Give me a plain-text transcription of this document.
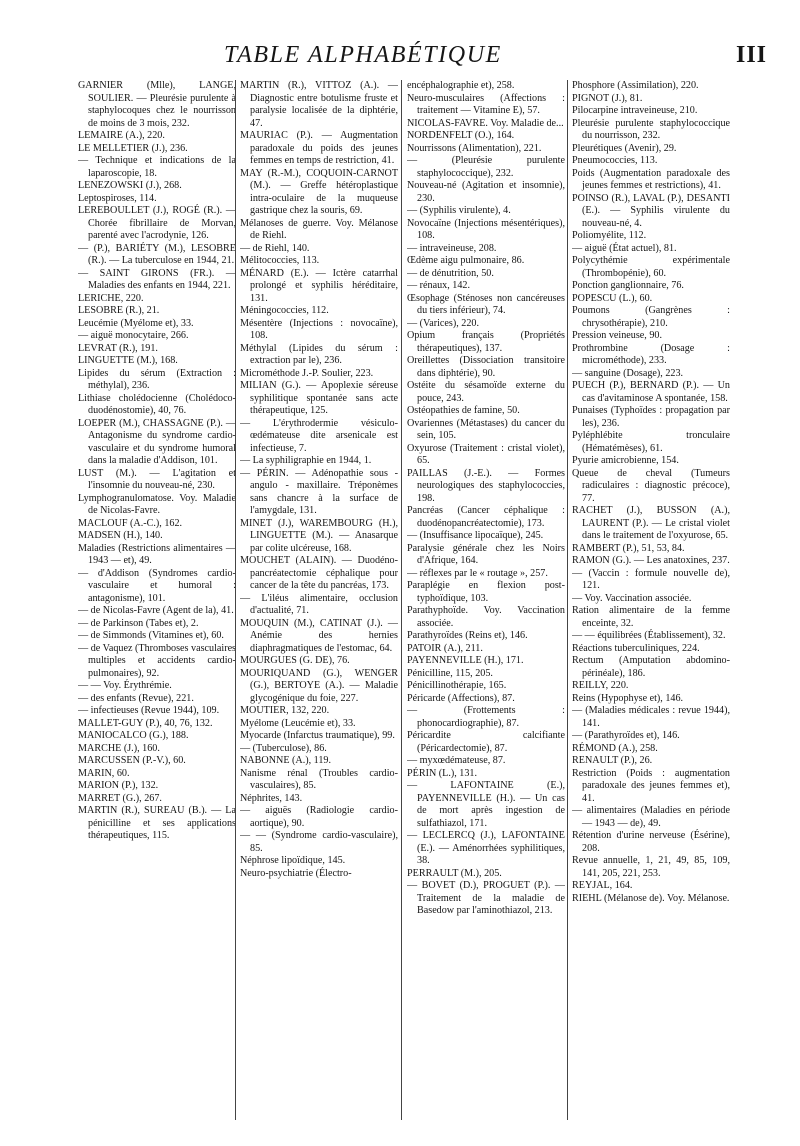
TABLE ALPHABÉTIQUE	III

GARNIER (Mlle), LANGE, SOULIER. — Pleurésie purulente à staphylocoques chez le nourrisson de moins de 3 mois, 232.

LEMAIRE (A.), 220.

LE MELLETIER (J.), 236.

— Technique et indications de la laparoscopie, 18.

LENEZOWSKI (J.), 268.

Leptospiroses, 114.

LEREBOULLET (J.), ROGÉ (R.). — Chorée fibrillaire de Morvan, parenté avec l'acrodynie, 126.

— (P.), BARIÉTY (M.), LESOBRE (R.). — La tuberculose en 1944, 21.

— SAINT GIRONS (FR.). — Maladies des enfants en 1944, 221.

LERICHE, 220.

LESOBRE (R.), 21.

Leucémie (Myélome et), 33.

— aiguë monocytaire, 266.

LEVRAT (R.), 191.

LINGUETTE (M.), 168.

Lipides du sérum (Extraction : méthylal), 236.

Lithiase cholédocienne (Cholédoco-duodénostomie), 40, 76.

LOEPER (M.), CHASSAGNE (P.). — Antagonisme du syndrome cardio-vasculaire et du syndrome humoral dans la maladie d'Addison, 101.

LUST (M.). — L'agitation et l'insomnie du nouveau-né, 230.

Lymphogranulomatose. Voy. Maladie de Nicolas-Favre.

MACLOUF (A.-C.), 162.

MADSEN (H.), 140.

Maladies (Restrictions alimentaires — 1943 — et), 49.

— d'Addison (Syndromes cardio-vasculaire et humoral : antagonisme), 101.

— de Nicolas-Favre (Agent de la), 41.

— de Parkinson (Tabes et), 2.

— de Simmonds (Vitamines et), 60.

— de Vaquez (Thromboses vasculaires multiples et accidents cardio-pulmonaires), 92.

— — Voy. Érythrémie.

— des enfants (Revue), 221.

— infectieuses (Revue 1944), 109.

MALLET-GUY (P.), 40, 76, 132.

MANIOCALCO (G.), 188.

MARCHE (J.), 160.

MARCUSSEN (P.-V.), 60.

MARIN, 60.

MARION (P.), 132.

MARRET (G.), 267.

MARTIN (R.), SUREAU (B.). — La pénicilline et ses applications thérapeutiques, 115.

MARTIN (R.), VITTOZ (A.). — Diagnostic entre botulisme fruste et paralysie localisée de la diphtérie, 47.

MAURIAC (P.). — Augmentation paradoxale du poids des jeunes femmes en temps de restriction, 41.

MAY (R.-M.), COQUOIN-CARNOT (M.). — Greffe hétéroplastique intra-oculaire de la muqueuse gastrique chez la souris, 69.

Mélanoses de guerre. Voy. Mélanose de Riehl.

— de Riehl, 140.

Mélitococcies, 113.

MÉNARD (E.). — Ictère catarrhal prolongé et syphilis héréditaire, 131.

Méningococcies, 112.

Mésentère (Injections : novocaïne), 108.

Méthylal (Lipides du sérum : extraction par le), 236.

Microméthode J.-P. Soulier, 223.

MILIAN (G.). — Apoplexie séreuse syphilitique spontanée sans acte thérapeutique, 125.

— L'érythrodermie vésiculo-œdémateuse dite arsenicale est infectieuse, 7.

— La syphiligraphie en 1944, 1.

— PÉRIN. — Adénopathie sous - angulo - maxillaire. Tréponèmes sans chancre à la surface de l'amygdale, 131.

MINET (J.), WAREMBOURG (H.), LINGUETTE (M.). — Anasarque par colite ulcéreuse, 168.

MOUCHET (ALAIN). — Duodéno-pancréatectomie céphalique pour cancer de la tête du pancréas, 173.

— L'iléus alimentaire, occlusion d'actualité, 71.

MOUQUIN (M.), CATINAT (J.). — Anémie des hernies diaphragmatiques de l'estomac, 64.

MOURGUES (G. DE), 76.

MOURIQUAND (G.), WENGER (G.), BERTOYE (A.). — Maladie glycogénique du foie, 227.

MOUTIER, 132, 220.

Myélome (Leucémie et), 33.

Myocarde (Infarctus traumatique), 99.

— (Tuberculose), 86.

NABONNE (A.), 119.

Nanisme rénal (Troubles cardio-vasculaires), 85.

Néphrites, 143.

— aiguës (Radiologie cardio-aortique), 90.

— — (Syndrome cardio-vasculaire), 85.

Néphrose lipoïdique, 145.

Neuro-psychiatrie (Électro-

encéphalographie et), 258.

Neuro-musculaires (Affections : traitement — Vitamine E), 57.

NICOLAS-FAVRE. Voy. Maladie de...

NORDENFELT (O.), 164.

Nourrissons (Alimentation), 221.

— (Pleurésie purulente staphylococcique), 232.

Nouveau-né (Agitation et insomnie), 230.

— (Syphilis virulente), 4.

Novocaïne (Injections mésentériques), 108.

— intraveineuse, 208.

Œdème aigu pulmonaire, 86.

— de dénutrition, 50.

— rénaux, 142.

Œsophage (Sténoses non cancéreuses du tiers inférieur), 74.

— (Varices), 220.

Opium français (Propriétés thérapeutiques), 137.

Oreillettes (Dissociation transitoire dans diphtérie), 90.

Ostéite du sésamoïde externe du pouce, 243.

Ostéopathies de famine, 50.

Ovariennes (Métastases) du cancer du sein, 105.

Oxyurose (Traitement : cristal violet), 65.

PAILLAS (J.-E.). — Formes neurologiques des staphylococcies, 198.

Pancréas (Cancer céphalique : duodénopancréatectomie), 173.

— (Insuffisance lipocaïque), 245.

Paralysie générale chez les Noirs d'Afrique, 164.

— réflexes par le « routage », 257.

Paraplégie en flexion post-typhoïdique, 103.

Parathyphoïde. Voy. Vaccination associée.

Parathyroïdes (Reins et), 146.

PATOIR (A.), 211.

PAYENNEVILLE (H.), 171.

Pénicilline, 115, 205.

Pénicillinothérapie, 165.

Péricarde (Affections), 87.

— (Frottements : phonocardiographie), 87.

Péricardite calcifiante (Péricardectomie), 87.

— myxœdémateuse, 87.

PÉRIN (L.), 131.

— LAFONTAINE (E.), PAYENNEVILLE (H.). — Un cas de mort après ingestion de sulfathiazol, 171.

— LECLERCQ (J.), LAFONTAINE (E.). — Aménorrhées syphilitiques, 38.

PERRAULT (M.), 205.

— BOVET (D.), PROGUET (P.). — Traitement de la maladie de Basedow par l'aminothiazol, 213.

Phosphore (Assimilation), 220.

PIGNOT (J.), 81.

Pilocarpine intraveineuse, 210.

Pleurésie purulente staphylococcique du nourrisson, 232.

Pleurétiques (Avenir), 29.

Pneumococcies, 113.

Poids (Augmentation paradoxale des jeunes femmes et restrictions), 41.

POINSO (R.), LAVAL (P.), DESANTI (E.). — Syphilis virulente du nouveau-né, 4.

Poliomyélite, 112.

— aiguë (État actuel), 81.

Polycythémie expérimentale (Thrombopénie), 60.

Ponction ganglionnaire, 76.

POPESCU (L.), 60.

Poumons (Gangrènes : chrysothérapie), 210.

Pression veineuse, 90.

Prothrombine (Dosage : microméthode), 233.

— sanguine (Dosage), 223.

PUECH (P.), BERNARD (P.). — Un cas d'avitaminose A spontanée, 158.

Punaises (Typhoïdes : propagation par les), 236.

Pyléphlébite tronculaire (Hématémèses), 61.

Pyurie amicrobienne, 154.

Queue de cheval (Tumeurs radiculaires : diagnostic précoce), 77.

RACHET (J.), BUSSON (A.), LAURENT (P.). — Le cristal violet dans le traitement de l'oxyurose, 65.

RAMBERT (P.), 51, 53, 84.

RAMON (G.). — Les anatoxines, 237.

— (Vaccin : formule nouvelle de), 121.

— Voy. Vaccination associée.

Ration alimentaire de la femme enceinte, 32.

— — équilibrées (Établissement), 32.

Réactions tuberculiniques, 224.

Rectum (Amputation abdomino-périnéale), 186.

REILLY, 220.

Reins (Hypophyse et), 146.

— (Maladies médicales : revue 1944), 141.

— (Parathyroïdes et), 146.

RÉMOND (A.), 258.

RENAULT (P.), 26.

Restriction (Poids : augmentation paradoxale des jeunes femmes et), 41.

— alimentaires (Maladies en période — 1943 — de), 49.

Rétention d'urine nerveuse (Ésérine), 208.

Revue annuelle, 1, 21, 49, 85, 109, 141, 205, 221, 253.

REYJAL, 164.

RIEHL (Mélanose de). Voy. Mélanose.
